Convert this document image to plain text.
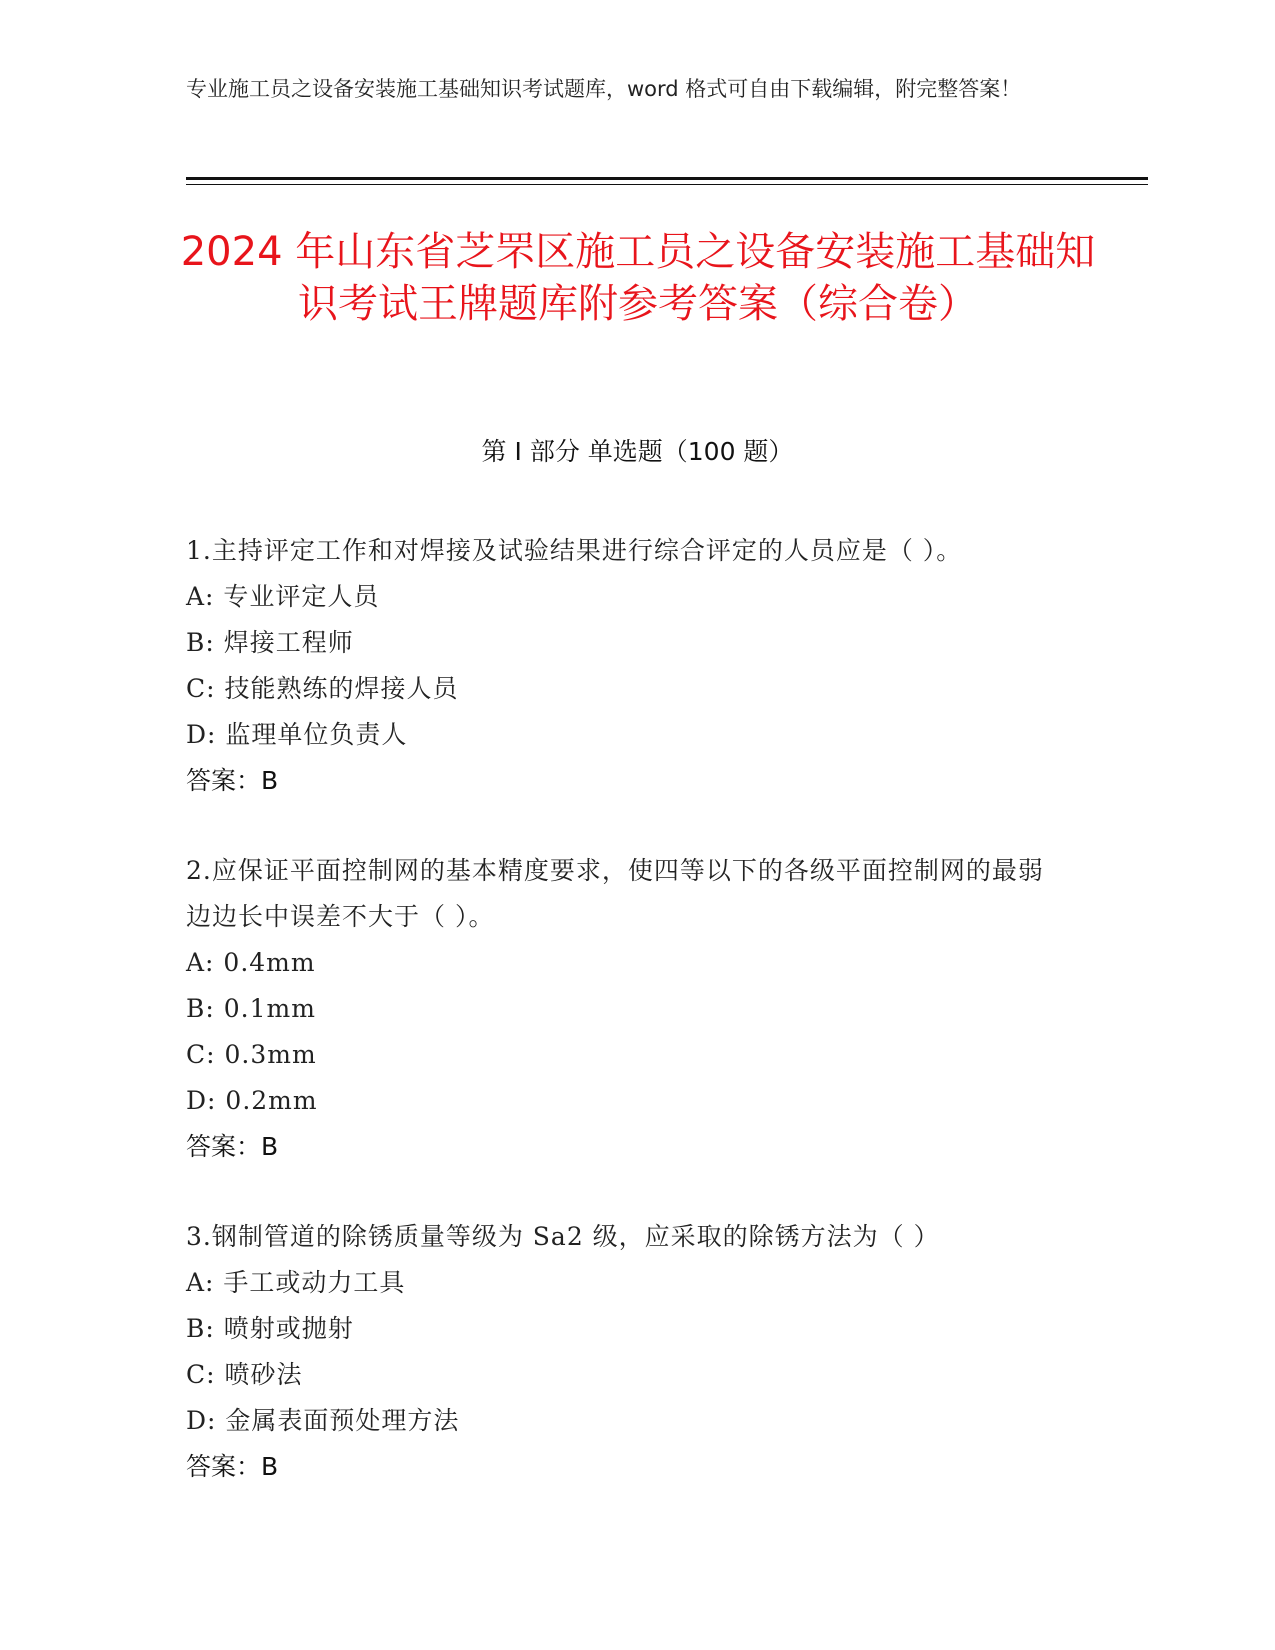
专业施工员之设备安装施工基础知识考试题库，word 格式可自由下载编辑，附完整答案！
2024 年山东省芝罘区施工员之设备安装施工基础知识考试王牌题库附参考答案（综合卷）
第 I 部分 单选题（100 题）
1.主持评定工作和对焊接及试验结果进行综合评定的人员应是（ ）。
A: 专业评定人员
B: 焊接工程师
C: 技能熟练的焊接人员
D: 监理单位负责人
答案：B
2.应保证平面控制网的基本精度要求，使四等以下的各级平面控制网的最弱边边长中误差不大于（ ）。
A: 0.4mm
B: 0.1mm
C: 0.3mm
D: 0.2mm
答案：B
3.钢制管道的除锈质量等级为 Sa2 级，应采取的除锈方法为（ ）
A: 手工或动力工具
B: 喷射或抛射
C: 喷砂法
D: 金属表面预处理方法
答案：B
